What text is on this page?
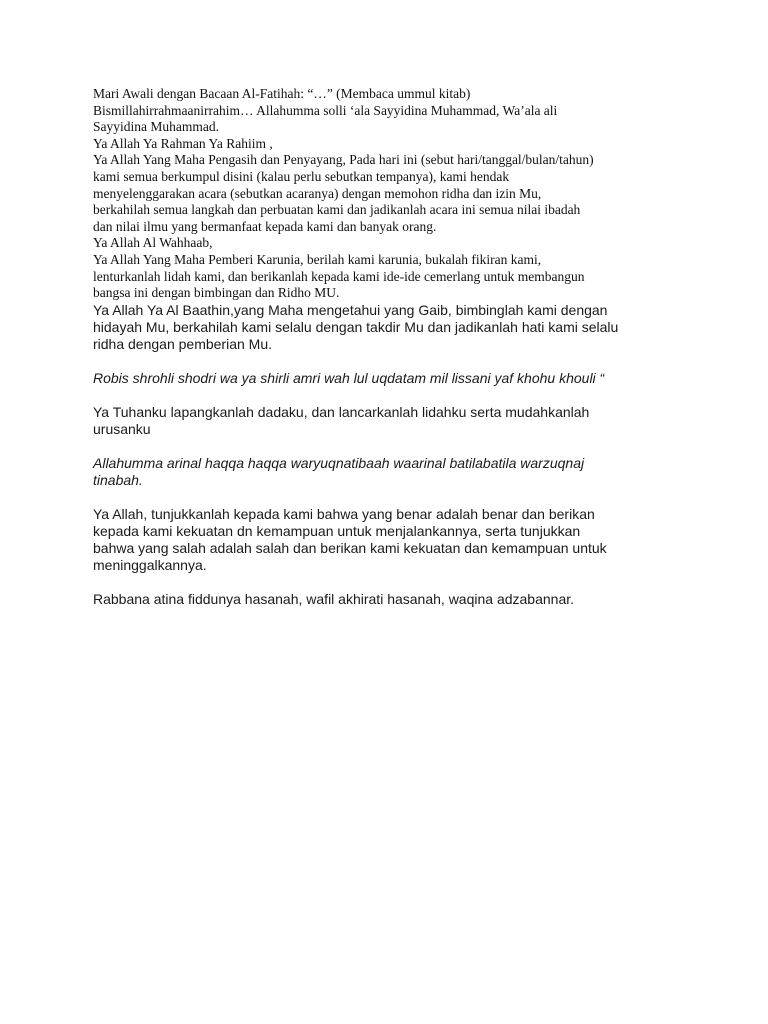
Mari Awali dengan Bacaan Al-Fatihah: “…” (Membaca ummul kitab)

Bismillahirrahmaanirrahim… Allahumma solli ‘ala Sayyidina Muhammad, Wa’ala ali

Sayyidina Muhammad.

Ya Allah Ya Rahman Ya Rahiim ,

Ya Allah Yang Maha Pengasih dan Penyayang, Pada hari ini (sebut hari/tanggal/bulan/tahun)

kami semua berkumpul disini (kalau perlu sebutkan tempanya), kami hendak

menyelenggarakan acara (sebutkan acaranya) dengan memohon ridha dan izin Mu,

berkahilah semua langkah dan perbuatan kami dan jadikanlah acara ini semua nilai ibadah

dan nilai ilmu yang bermanfaat kepada kami dan banyak orang.

Ya Allah Al Wahhaab,

Ya Allah Yang Maha Pemberi Karunia, berilah kami karunia, bukalah fikiran kami,

lenturkanlah lidah kami, dan berikanlah kepada kami ide-ide cemerlang untuk membangun

bangsa ini dengan bimbingan dan Ridho MU.

Ya Allah Ya Al Baathin,yang Maha mengetahui yang Gaib, bimbinglah kami dengan

hidayah Mu, berkahilah kami selalu dengan takdir Mu dan jadikanlah hati kami selalu

ridha dengan pemberian Mu.

Robis shrohli shodri wa ya shirli amri wah lul uqdatam mil lissani yaf khohu khouli “

Ya Tuhanku lapangkanlah dadaku, dan lancarkanlah lidahku serta mudahkanlah

urusanku

Allahumma arinal haqqa haqqa waryuqnatibaah waarinal batilabatila warzuqnaj

tinabah.

Ya Allah, tunjukkanlah kepada kami bahwa yang benar adalah benar dan berikan

kepada kami kekuatan dn kemampuan untuk menjalankannya, serta tunjukkan

bahwa yang salah adalah salah dan berikan kami kekuatan dan kemampuan untuk

meninggalkannya.

Rabbana atina fiddunya hasanah, wafil akhirati hasanah, waqina adzabannar.
